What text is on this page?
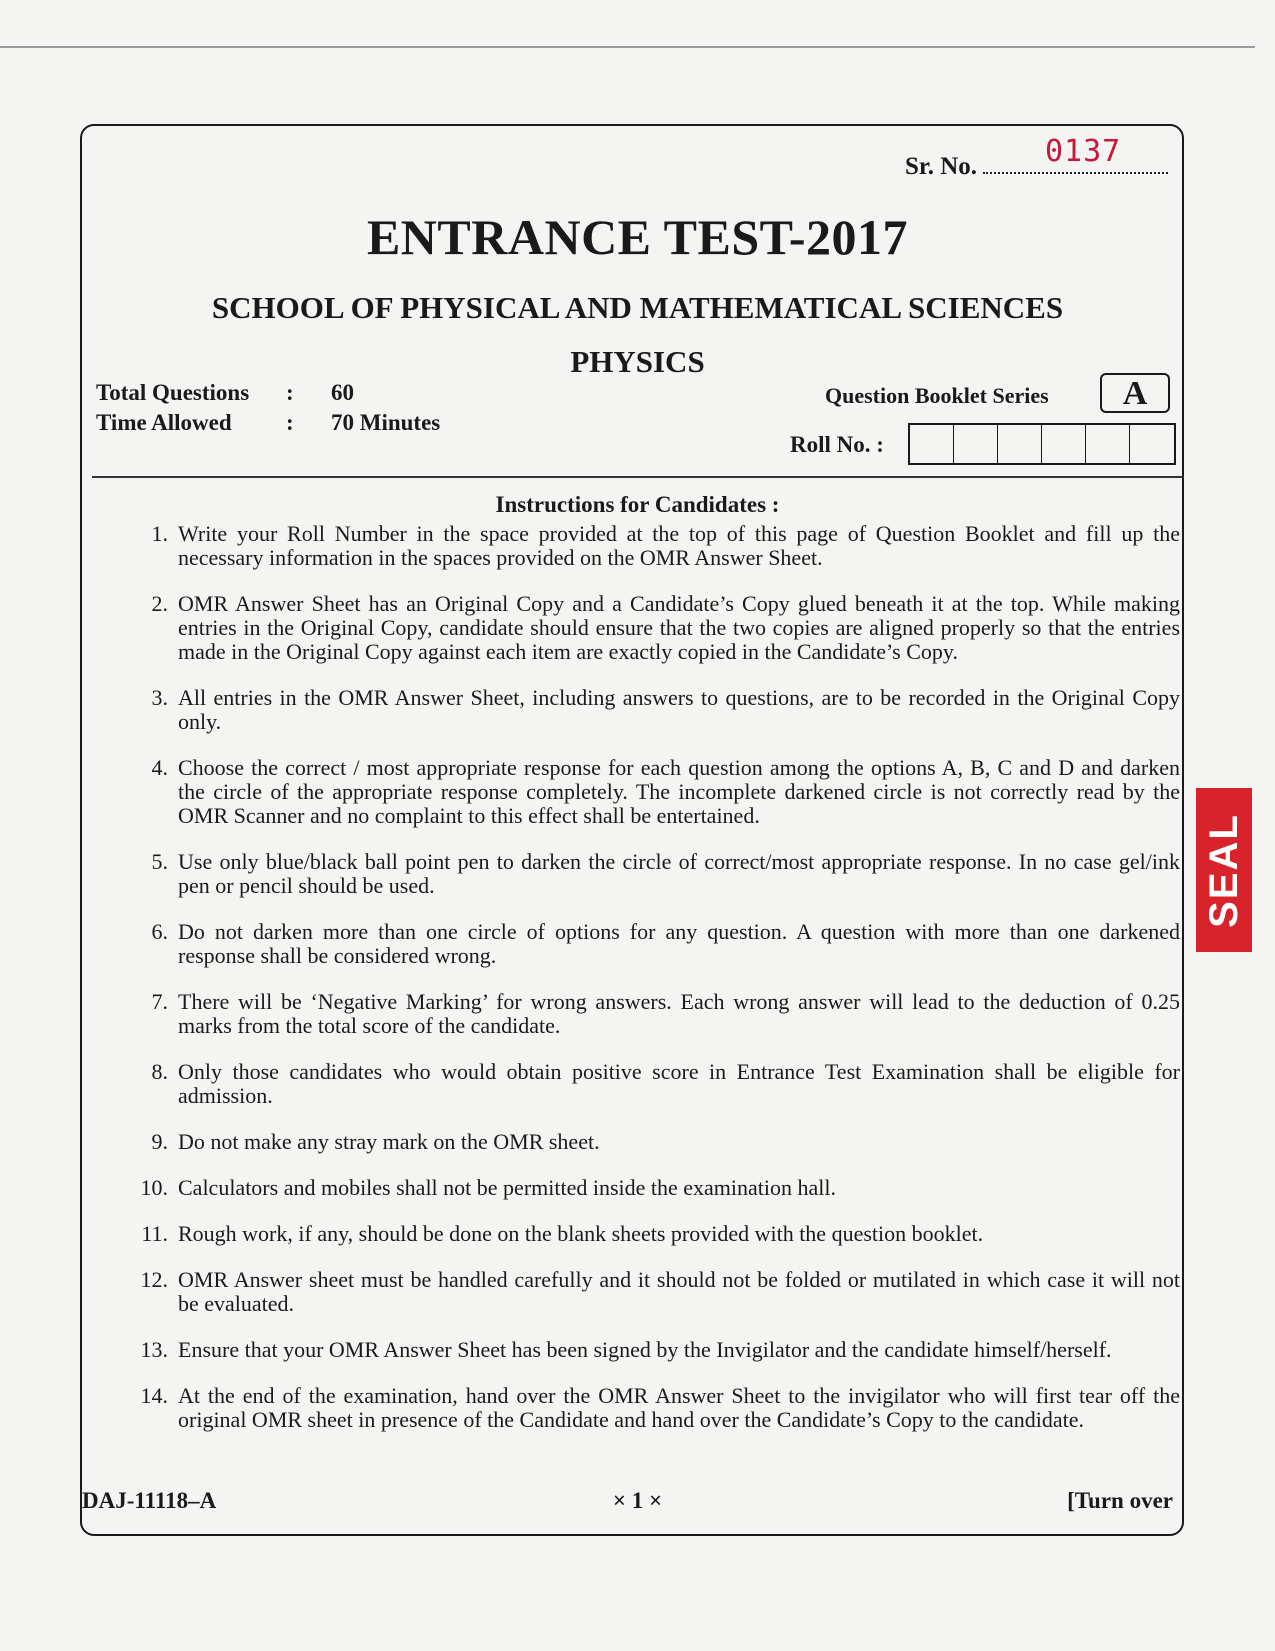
Sr. No.	0137
ENTRANCE TEST-2017
SCHOOL OF PHYSICAL AND MATHEMATICAL SCIENCES
PHYSICS
Total Questions : 60
Time Allowed : 70 Minutes
Question Booklet Series	A
Roll No. :
Instructions for Candidates :
1. Write your Roll Number in the space provided at the top of this page of Question Booklet and fill up the necessary information in the spaces provided on the OMR Answer Sheet.
2. OMR Answer Sheet has an Original Copy and a Candidate’s Copy glued beneath it at the top. While making entries in the Original Copy, candidate should ensure that the two copies are aligned properly so that the entries made in the Original Copy against each item are exactly copied in the Candidate’s Copy.
3. All entries in the OMR Answer Sheet, including answers to questions, are to be recorded in the Original Copy only.
4. Choose the correct / most appropriate response for each question among the options A, B, C and D and darken the circle of the appropriate response completely. The incomplete darkened circle is not correctly read by the OMR Scanner and no complaint to this effect shall be entertained.
5. Use only blue/black ball point pen to darken the circle of correct/most appropriate response. In no case gel/ink pen or pencil should be used.
6. Do not darken more than one circle of options for any question. A question with more than one darkened response shall be considered wrong.
7. There will be ‘Negative Marking’ for wrong answers. Each wrong answer will lead to the deduction of 0.25 marks from the total score of the candidate.
8. Only those candidates who would obtain positive score in Entrance Test Examination shall be eligible for admission.
9. Do not make any stray mark on the OMR sheet.
10. Calculators and mobiles shall not be permitted inside the examination hall.
11. Rough work, if any, should be done on the blank sheets provided with the question booklet.
12. OMR Answer sheet must be handled carefully and it should not be folded or mutilated in which case it will not be evaluated.
13. Ensure that your OMR Answer Sheet has been signed by the Invigilator and the candidate himself/herself.
14. At the end of the examination, hand over the OMR Answer Sheet to the invigilator who will first tear off the original OMR sheet in presence of the Candidate and hand over the Candidate’s Copy to the candidate.
DAJ-11118–A	× 1 ×	[Turn over
SEAL
